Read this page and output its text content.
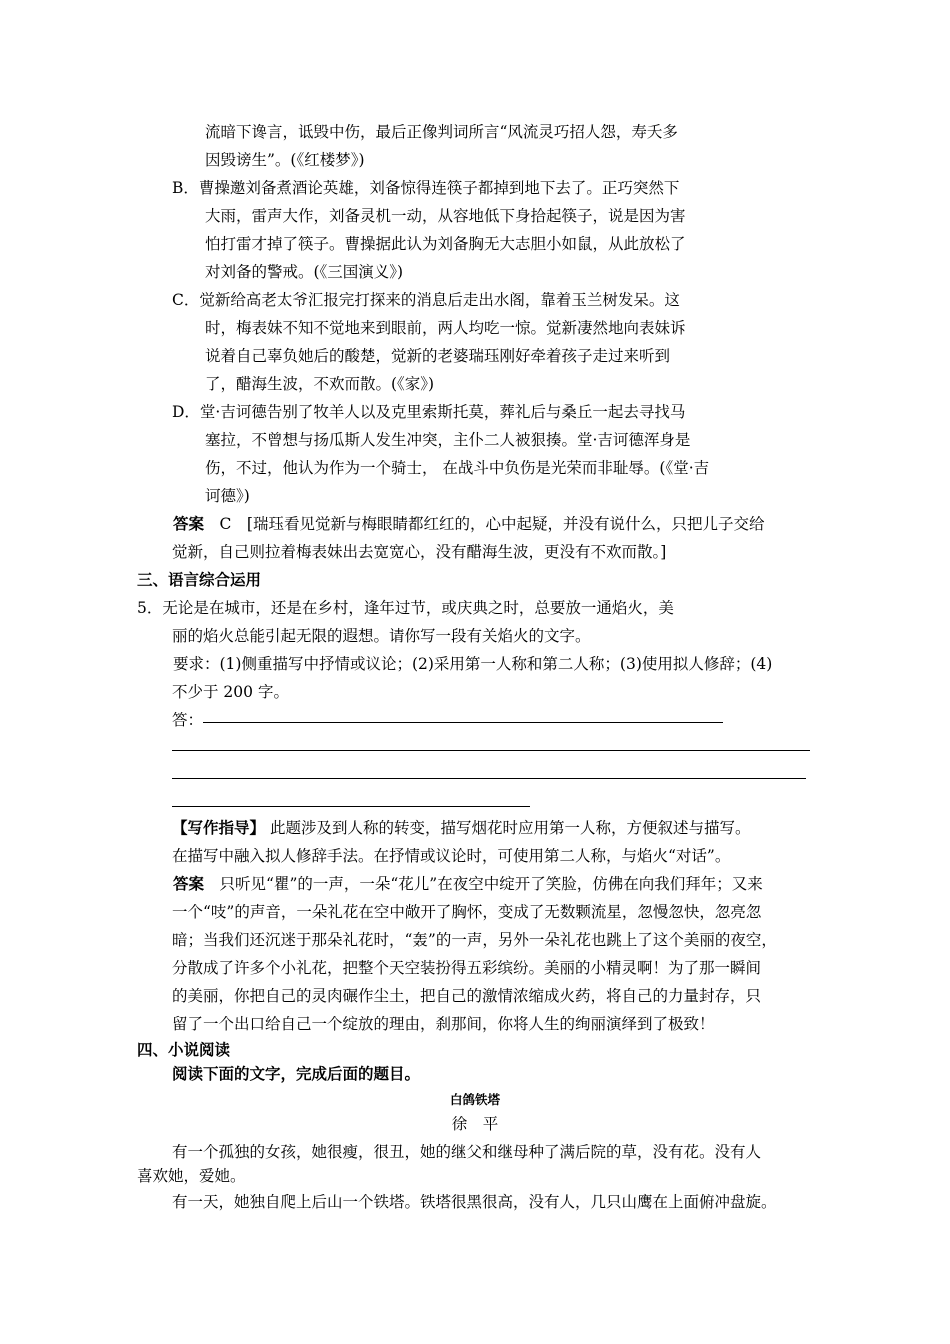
流暗下谗言，诋毁中伤，最后正像判词所言“风流灵巧招人怨，寿夭多
因毁谤生”。(《红楼梦》)
B．曹操邀刘备煮酒论英雄，刘备惊得连筷子都掉到地下去了。正巧突然下
大雨，雷声大作，刘备灵机一动，从容地低下身拾起筷子，说是因为害
怕打雷才掉了筷子。曹操据此认为刘备胸无大志胆小如鼠，从此放松了
对刘备的警戒。(《三国演义》)
C．觉新给高老太爷汇报完打探来的消息后走出水阁，靠着玉兰树发呆。这
时，梅表妹不知不觉地来到眼前，两人均吃一惊。觉新凄然地向表妹诉
说着自己辜负她后的酸楚，觉新的老婆瑞珏刚好牵着孩子走过来听到
了，醋海生波，不欢而散。(《家》)
D．堂·吉诃德告别了牧羊人以及克里索斯托莫，葬礼后与桑丘一起去寻找马
塞拉，不曾想与扬瓜斯人发生冲突，主仆二人被狠揍。堂·吉诃德浑身是
伤，不过，他认为作为一个骑士， 在战斗中负伤是光荣而非耻辱。(《堂·吉
诃德》)
答案　 C　[瑞珏看见觉新与梅眼睛都红红的，心中起疑，并没有说什么，只把儿子交给
觉新，自己则拉着梅表妹出去宽宽心，没有醋海生波，更没有不欢而散。]
三、语言综合运用
5．无论是在城市，还是在乡村，逢年过节，或庆典之时，总要放一通焰火，美
丽的焰火总能引起无限的遐想。请你写一段有关焰火的文字。
要求：(1)侧重描写中抒情或议论；(2)采用第一人称和第二人称；(3)使用拟人修辞；(4)
不少于 200 字。
答：
【写作指导】 此题涉及到人称的转变，描写烟花时应用第一人称，方便叙述与描写。
在描写中融入拟人修辞手法。在抒情或议论时，可使用第二人称，与焰火“对话”。
答案　 只听见“瞿”的一声，一朵“花儿”在夜空中绽开了笑脸，仿佛在向我们拜年；又来
一个“吱”的声音，一朵礼花在空中敞开了胸怀，变成了无数颗流星，忽慢忽快，忽亮忽
暗；当我们还沉迷于那朵礼花时，“轰”的一声，另外一朵礼花也跳上了这个美丽的夜空，
分散成了许多个小礼花，把整个天空装扮得五彩缤纷。美丽的小精灵啊！为了那一瞬间
的美丽，你把自己的灵肉碾作尘土，把自己的激情浓缩成火药，将自己的力量封存，只
留了一个出口给自己一个绽放的理由，刹那间，你将人生的绚丽演绎到了极致！
四、小说阅读
阅读下面的文字，完成后面的题目。
白鸽铁塔
徐　平
有一个孤独的女孩，她很瘦，很丑，她的继父和继母种了满后院的草，没有花。没有人
喜欢她，爱她。
有一天，她独自爬上后山一个铁塔。铁塔很黑很高，没有人，几只山鹰在上面俯冲盘旋。
